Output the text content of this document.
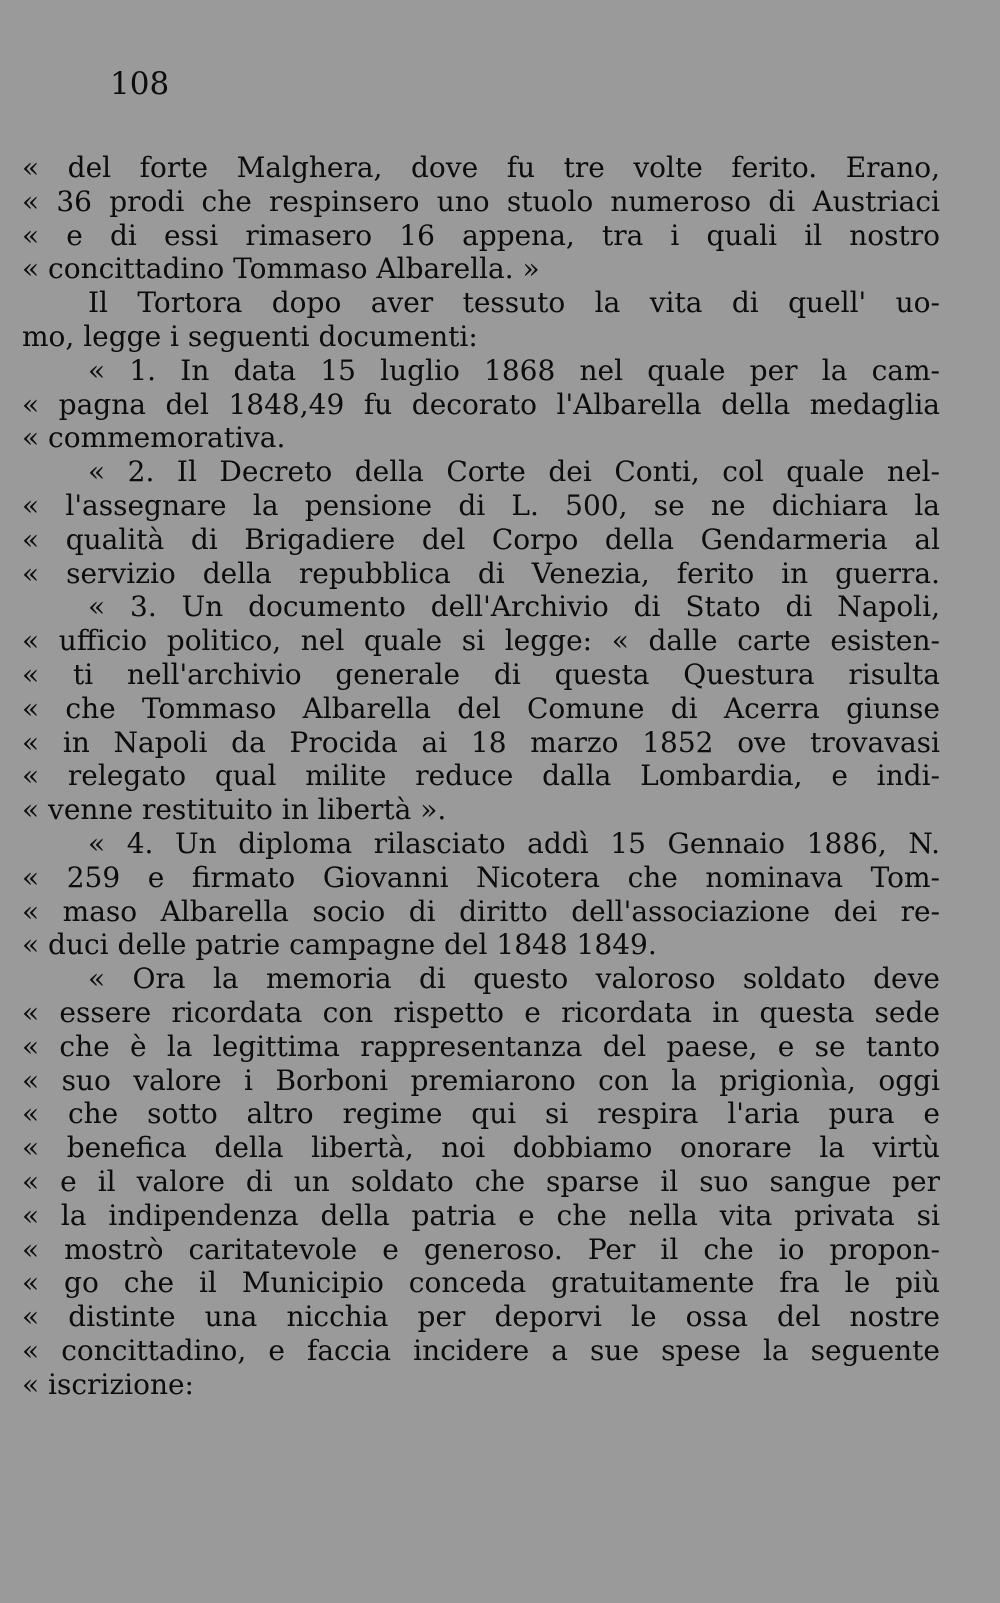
108
« del forte Malghera, dove fu tre volte ferito. Erano,
« 36 prodi che respinsero uno stuolo numeroso di Austriaci
« e di essi rimasero 16 appena, tra i quali il nostro
« concittadino Tommaso Albarella. »
Il Tortora dopo aver tessuto la vita di quell' uo-
mo, legge i seguenti documenti:
« 1. In data 15 luglio 1868 nel quale per la cam-
« pagna del 1848,49 fu decorato l'Albarella della medaglia
« commemorativa.
« 2. Il Decreto della Corte dei Conti, col quale nel-
« l'assegnare la pensione di L. 500, se ne dichiara la
« qualità di Brigadiere del Corpo della Gendarmeria al
« servizio della repubblica di Venezia, ferito in guerra.
« 3. Un documento dell'Archivio di Stato di Napoli,
« ufficio politico, nel quale si legge: « dalle carte esisten-
« ti nell'archivio generale di questa Questura risulta
« che Tommaso Albarella del Comune di Acerra giunse
« in Napoli da Procida ai 18 marzo 1852 ove trovavasi
« relegato qual milite reduce dalla Lombardia, e indi-
« venne restituito in libertà ».
« 4. Un diploma rilasciato addì 15 Gennaio 1886, N.
« 259 e firmato Giovanni Nicotera che nominava Tom-
« maso Albarella socio di diritto dell'associazione dei re-
« duci delle patrie campagne del 1848 1849.
« Ora la memoria di questo valoroso soldato deve
« essere ricordata con rispetto e ricordata in questa sede
« che è la legittima rappresentanza del paese, e se tanto
« suo valore i Borboni premiarono con la prigionìa, oggi
« che sotto altro regime qui si respira l'aria pura e
« benefica della libertà, noi dobbiamo onorare la virtù
« e il valore di un soldato che sparse il suo sangue per
« la indipendenza della patria e che nella vita privata si
« mostrò caritatevole e generoso. Per il che io propon-
« go che il Municipio conceda gratuitamente fra le più
« distinte una nicchia per deporvi le ossa del nostre
« concittadino, e faccia incidere a sue spese la seguente
« iscrizione:
